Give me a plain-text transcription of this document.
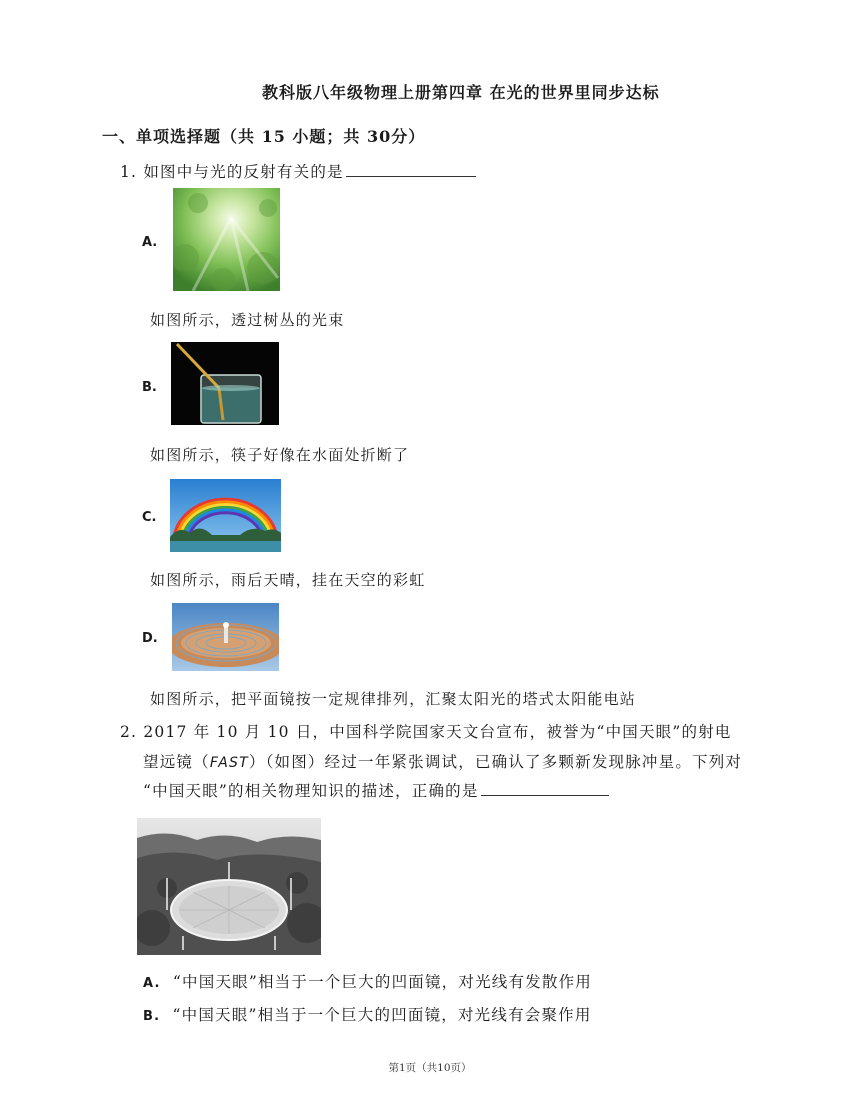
教科版八年级物理上册第四章 在光的世界里同步达标
一、单项选择题（共 15 小题；共 30分）
1. 如图中与光的反射有关的是
A.
如图所示，透过树丛的光束
B.
如图所示，筷子好像在水面处折断了
C.
如图所示，雨后天晴，挂在天空的彩虹
D.
如图所示，把平面镜按一定规律排列，汇聚太阳光的塔式太阳能电站
2. 2017 年 10 月 10 日，中国科学院国家天文台宣布，被誉为“中国天眼”的射电
望远镜（FAST）（如图）经过一年紧张调试，已确认了多颗新发现脉冲星。下列对
“中国天眼”的相关物理知识的描述，正确的是
A. “中国天眼”相当于一个巨大的凹面镜，对光线有发散作用
B. “中国天眼”相当于一个巨大的凹面镜，对光线有会聚作用
第1页（共10页）
